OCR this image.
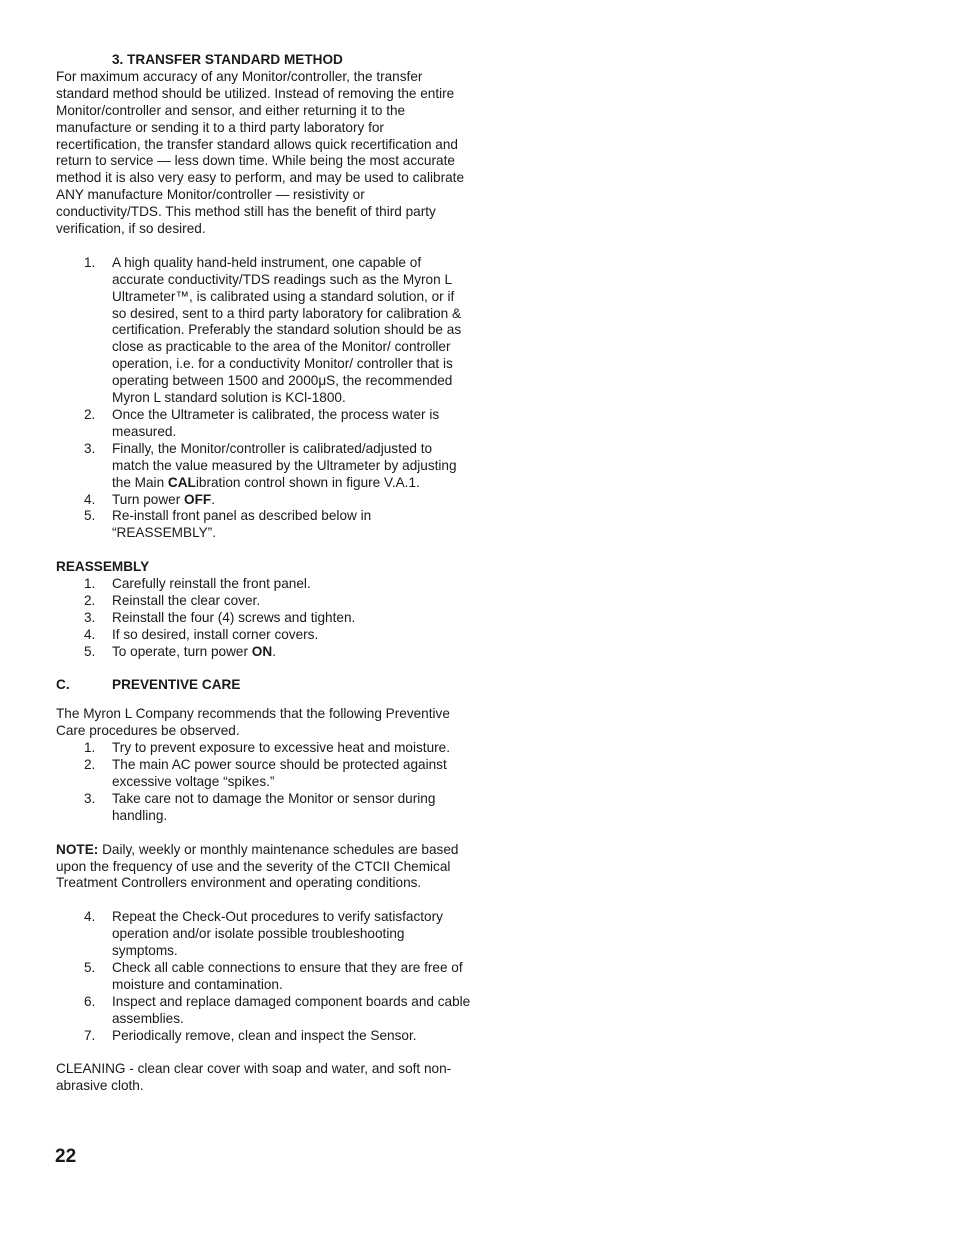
3. TRANSFER STANDARD METHOD

For maximum accuracy of any Monitor/controller, the transfer standard method should be utilized. Instead of removing the entire Monitor/controller and sensor, and either returning it to the manufacture or sending it to a third party laboratory for recertification, the transfer standard allows quick recertification and return to service — less down time. While being the most accurate method it is also very easy to perform, and may be used to calibrate ANY manufacture Monitor/controller — resistivity or conductivity/TDS. This method still has the benefit of third party verification, if so desired.

1.	A high quality hand-held instrument, one capable of accurate conductivity/TDS readings such as the Myron L Ultrameter™, is calibrated using a standard solution, or if so desired, sent to a third party laboratory for calibration & certification. Preferably the standard solution should be as close as practicable to the area of the Monitor/ controller operation, i.e. for a conductivity Monitor/ controller that is operating between 1500 and 2000μS, the recommended Myron L standard solution is KCl-1800.
2.	Once the Ultrameter is calibrated, the process water is measured.
3.	Finally, the Monitor/controller is calibrated/adjusted to match the value measured by the Ultrameter by adjusting the Main CALibration control shown in figure V.A.1.
4.	Turn power OFF.
5.	Re-install front panel as described below in “REASSEMBLY”.
REASSEMBLY
1.	Carefully reinstall the front panel.
2.	Reinstall the clear cover.
3.	Reinstall the four (4) screws and tighten.
4.	If so desired, install corner covers.
5.	To operate, turn power ON.
C.	PREVENTIVE CARE

The Myron L Company recommends that the following Preventive Care procedures be observed.

1.	Try to prevent exposure to excessive heat and moisture.
2.	The main AC power source should be protected against excessive voltage “spikes.”
3.	Take care not to damage the Monitor or sensor during handling.

NOTE: Daily, weekly or monthly maintenance schedules are based upon the frequency of use and the severity of the CTCII Chemical Treatment Controllers environment and operating conditions.

4.	Repeat the Check-Out procedures to verify satisfactory operation and/or isolate possible troubleshooting symptoms.
5.	Check all cable connections to ensure that they are free of moisture and contamination.
6.	Inspect and replace damaged component boards and cable assemblies.
7.	Periodically remove, clean and inspect the Sensor.

CLEANING - clean clear cover with soap and water, and soft non-abrasive cloth.

22
